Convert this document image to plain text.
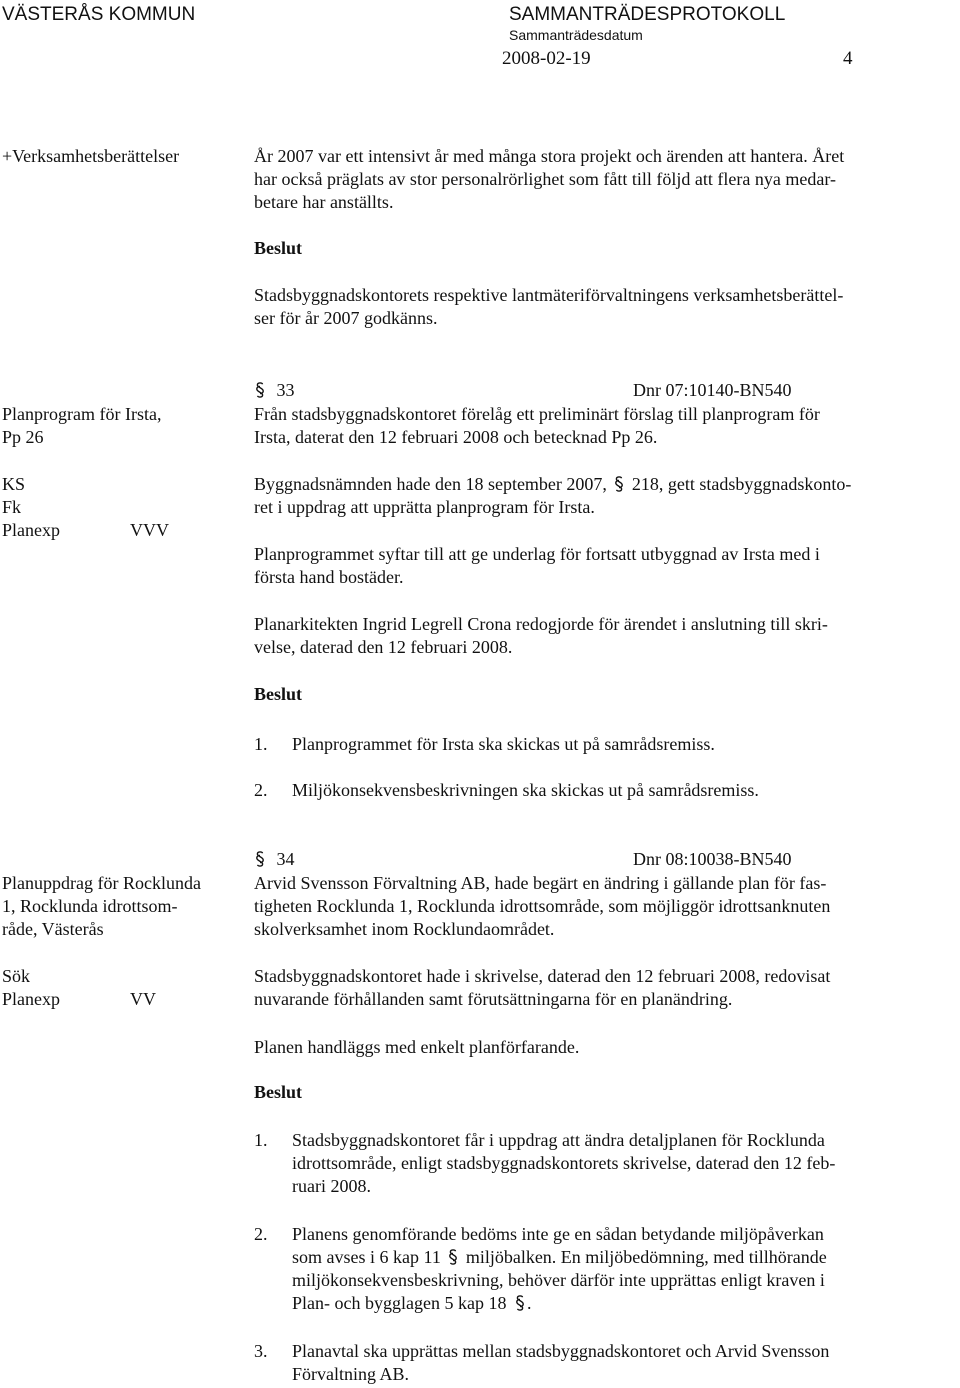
VÄSTERÅS KOMMUN	SAMMANTRÄDESPROTOKOLL
Sammanträdesdatum
2008-02-19	4
+Verksamhetsberättelser	År 2007 var ett intensivt år med många stora projekt och ärenden att hantera. Året
har också präglats av stor personalrörlighet som fått till följd att flera nya medar-
betare har anställts.
Beslut
Stadsbyggnadskontorets respektive lantmäteriförvaltningens verksamhetsberättel-
ser för år 2007 godkänns.
33	Dnr 07:10140-BN540
Planprogram för Irsta,
Pp 26
KS
Fk
Planexp	VVV
Från stadsbyggnadskontoret förelåg ett preliminärt förslag till planprogram för
Irsta, daterat den 12 februari 2008 och betecknad Pp 26.
Byggnadsnämnden hade den 18 september 2007, 218, gett stadsbyggnadskonto-
ret i uppdrag att upprätta planprogram för Irsta.
Planprogrammet syftar till att ge underlag för fortsatt utbyggnad av Irsta med i
första hand bostäder.
Planarkitekten Ingrid Legrell Crona redogjorde för ärendet i anslutning till skri-
velse, daterad den 12 februari 2008.
Beslut
1. Planprogrammet för Irsta ska skickas ut på samrådsremiss.
2. Miljökonsekvensbeskrivningen ska skickas ut på samrådsremiss.
34	Dnr 08:10038-BN540
Planuppdrag för Rocklunda
1, Rocklunda idrottsom-
råde, Västerås
Sök
Planexp	VV
Arvid Svensson Förvaltning AB, hade begärt en ändring i gällande plan för fas-
tigheten Rocklunda 1, Rocklunda idrottsområde, som möjliggör idrottsanknuten
skolverksamhet inom Rocklundaområdet.
Stadsbyggnadskontoret hade i skrivelse, daterad den 12 februari 2008, redovisat
nuvarande förhållanden samt förutsättningarna för en planändring.
Planen handläggs med enkelt planförfarande.
Beslut
1. Stadsbyggnadskontoret får i uppdrag att ändra detaljplanen för Rocklunda
idrottsområde, enligt stadsbyggnadskontorets skrivelse, daterad den 12 feb-
ruari 2008.
2. Planens genomförande bedöms inte ge en sådan betydande miljöpåverkan
som avses i 6 kap 11 miljöbalken. En miljöbedömning, med tillhörande
miljökonsekvensbeskrivning, behöver därför inte upprättas enligt kraven i
Plan- och bygglagen 5 kap 18 .
3. Planavtal ska upprättas mellan stadsbyggnadskontoret och Arvid Svensson
Förvaltning AB.
